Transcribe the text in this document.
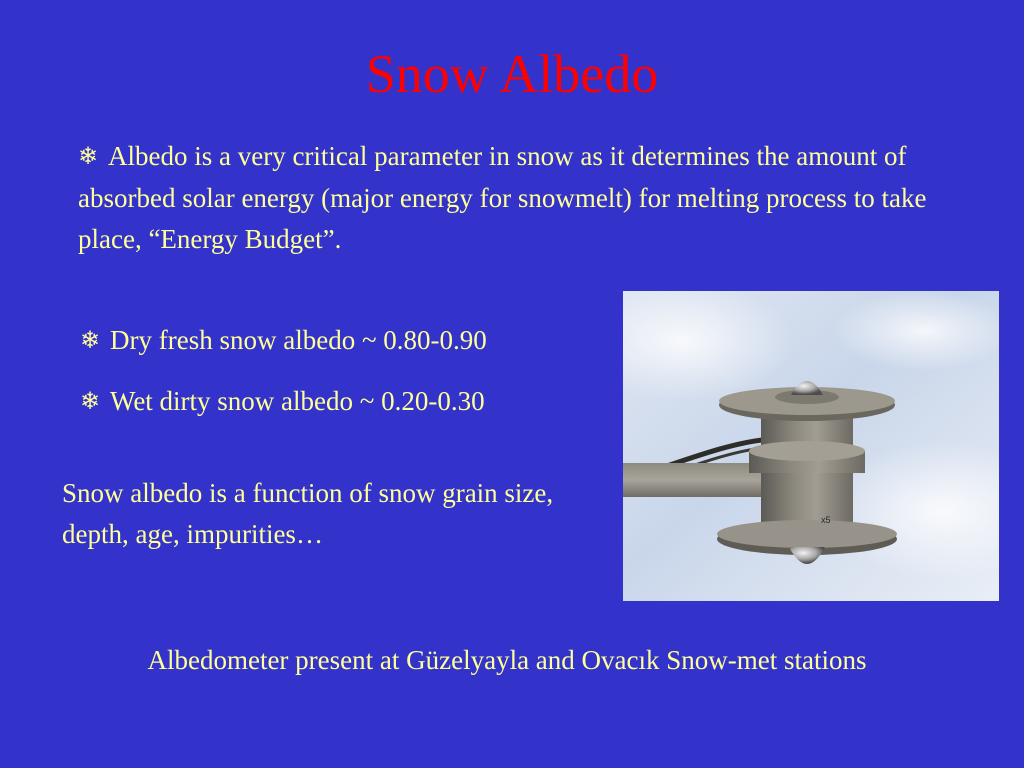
Snow Albedo

❄ Albedo is a very critical parameter in snow as it determines the amount of absorbed solar energy (major energy for snowmelt) for melting process to take place, “Energy Budget”.

❄ Dry fresh snow albedo ~ 0.80-0.90

❄ Wet dirty snow albedo ~ 0.20-0.30

Snow albedo is a function of snow grain size, depth, age, impurities…	x5

Albedometer present at Güzelyayla and Ovacık Snow-met stations
